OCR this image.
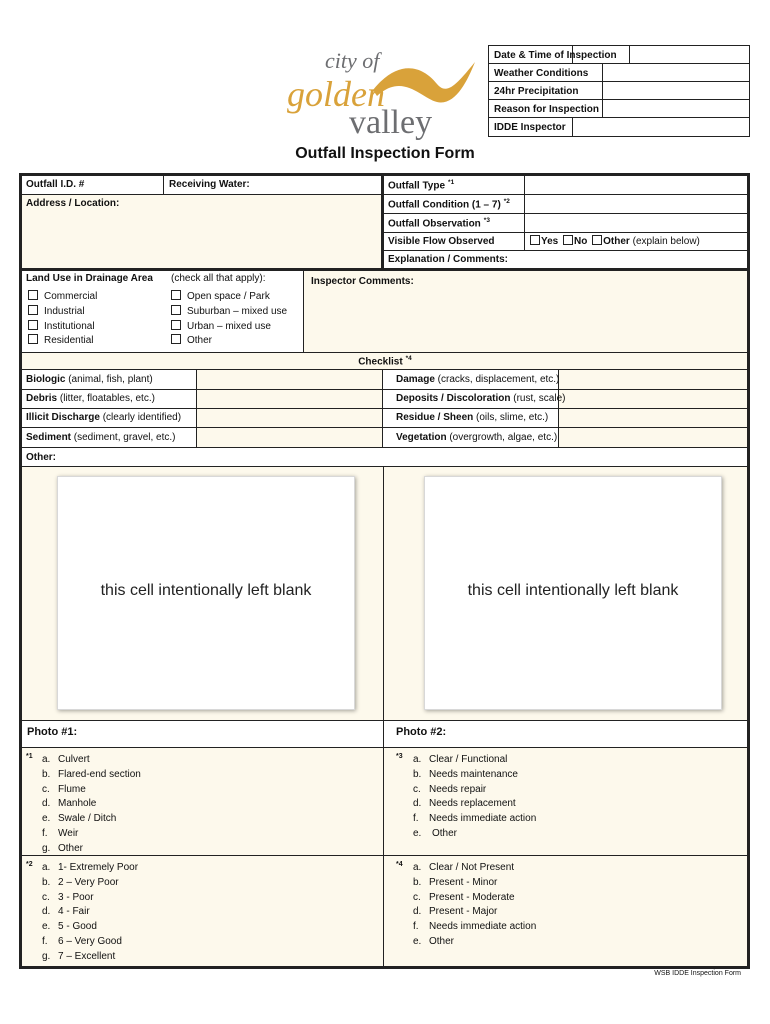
city of
golden
valley
Date & Time of Inspection
Weather Conditions
24hr Precipitation
Reason for Inspection
IDDE Inspector
Outfall Inspection Form
Outfall I.D. #	Receiving Water:
Address / Location:
Outfall Type $^{*1}$
Outfall Condition (1 – 7) $^{*2}$
Outfall Observation $^{*3}$
Visible Flow Observed	Yes No Other (explain below)
Explanation / Comments:
Land Use in Drainage Area (check all that apply):
Commercial
Industrial
Institutional
Residential
Open space / Park
Suburban – mixed use
Urban – mixed use
Other
Inspector Comments:
Checklist $^{*4}$
Biologic (animal, fish, plant)	Damage (cracks, displacement, etc.)
Debris (litter, floatables, etc.)	Deposits / Discoloration (rust, scale)
Illicit Discharge (clearly identified)	Residue / Sheen (oils, slime, etc.)
Sediment (sediment, gravel, etc.)	Vegetation (overgrowth, algae, etc.)
Other:
this cell intentionally left blank	this cell intentionally left blank
Photo #1:	Photo #2:
*1 a. Culvert
b. Flared-end section
c. Flume
d. Manhole
e. Swale / Ditch
f. Weir
g. Other
*3 a. Clear / Functional
b. Needs maintenance
c. Needs repair
d. Needs replacement
f. Needs immediate action
e. Other
*2 a. 1- Extremely Poor
b. 2 – Very Poor
c. 3 - Poor
d. 4 - Fair
e. 5 - Good
f. 6 – Very Good
g. 7 – Excellent
*4 a. Clear / Not Present
b. Present - Minor
c. Present - Moderate
d. Present - Major
f. Needs immediate action
e. Other
WSB IDDE Inspection Form
